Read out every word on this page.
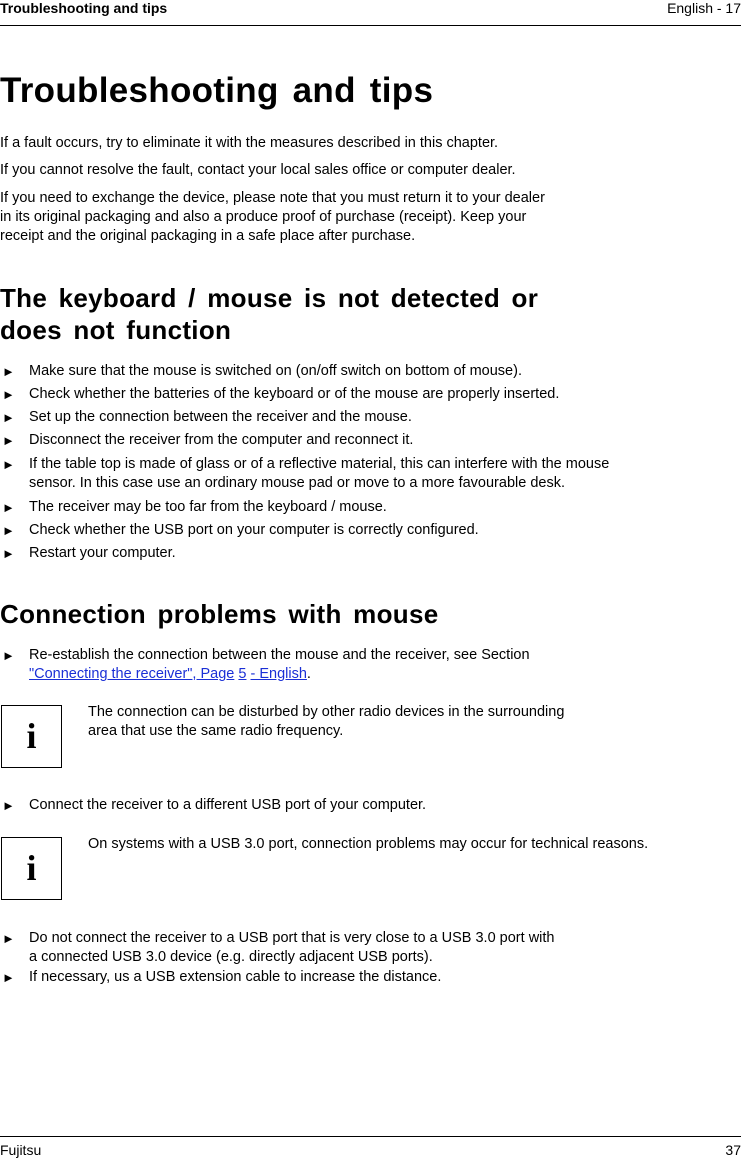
Troubleshooting and tips	English - 17
Troubleshooting and tips

If a fault occurs, try to eliminate it with the measures described in this chapter.

If you cannot resolve the fault, contact your local sales office or computer dealer.

If you need to exchange the device, please note that you must return it to your dealer

in its original packaging and also a produce proof of purchase (receipt). Keep your

receipt and the original packaging in a safe place after purchase.

The keyboard / mouse is not detected or
does not function
► Make sure that the mouse is switched on (on/off switch on bottom of mouse).
► Check whether the batteries of the keyboard or of the mouse are properly inserted.
► Set up the connection between the receiver and the mouse.
► Disconnect the receiver from the computer and reconnect it.
► If the table top is made of glass or of a reflective material, this can interfere with the mouse
sensor. In this case use an ordinary mouse pad or move to a more favourable desk.
► The receiver may be too far from the keyboard / mouse.
► Check whether the USB port on your computer is correctly configured.
► Restart your computer.
Connection problems with mouse
► Re-establish the connection between the mouse and the receiver, see Section
"Connecting the receiver", Page 5 - English.
i
The connection can be disturbed by other radio devices in the surrounding
area that use the same radio frequency.
► Connect the receiver to a different USB port of your computer.
i
On systems with a USB 3.0 port, connection problems may occur for technical reasons.
► Do not connect the receiver to a USB port that is very close to a USB 3.0 port with
a connected USB 3.0 device (e.g. directly adjacent USB ports).
► If necessary, us a USB extension cable to increase the distance.
Fujitsu	37
